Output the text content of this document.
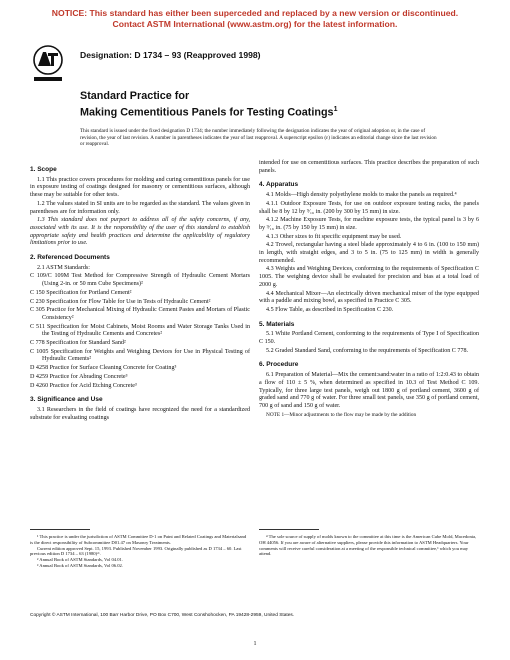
NOTICE: This standard has either been superceded and replaced by a new version or discontinued.
Contact ASTM International (www.astm.org) for the latest information.
Designation: D 1734 – 93 (Reapproved 1998)
Standard Practice for
Making Cementitious Panels for Testing Coatings$^1$
This standard is issued under the fixed designation D 1734; the number immediately following the designation indicates the year of original adoption or, in the case of revision, the year of last revision. A number in parentheses indicates the year of last reapproval. A superscript epsilon (ε) indicates an editorial change since the last revision or reapproval.
1. Scope

1.1 This practice covers procedures for molding and curing cementitious panels for use in exposure testing of coatings designed for masonry or cementitious surfaces, although these may be suitable for other tests.

1.2 The values stated in SI units are to be regarded as the standard. The values given in parentheses are for information only.

1.3 This standard does not purport to address all of the safety concerns, if any, associated with its use. It is the responsibility of the user of this standard to establish appropriate safety and health practices and determine the applicability of regulatory limitations prior to use.

2. Referenced Documents

2.1 ASTM Standards:

C 109/C 109M Test Method for Compressive Strength of Hydraulic Cement Mortars (Using 2-in. or 50 mm Cube Specimens)²

C 150 Specification for Portland Cement²

C 230 Specification for Flow Table for Use in Tests of Hydraulic Cement²

C 305 Practice for Mechanical Mixing of Hydraulic Cement Pastes and Mortars of Plastic Consistency²

C 511 Specification for Moist Cabinets, Moist Rooms and Water Storage Tanks Used in the Testing of Hydraulic Cements and Concretes²

C 778 Specification for Standard Sand²

C 1005 Specification for Weights and Weighing Devices for Use in Physical Testing of Hydraulic Cements²

D 4258 Practice for Surface Cleaning Concrete for Coating³

D 4259 Practice for Abrading Concrete³

D 4260 Practice for Acid Etching Concrete³

3. Significance and Use

3.1 Researchers in the field of coatings have recognized the need for a standardized substrate for evaluating coatings

intended for use on cementitious surfaces. This practice describes the preparation of such panels.

4. Apparatus

4.1 Molds—High density polyethylene molds to make the panels as required.⁴

4.1.1 Outdoor Exposure Tests, for use on outdoor exposure testing racks, the panels shall be 8 by 12 by ⁹⁄₁₆ in. (200 by 300 by 15 mm) in size.

4.1.2 Machine Exposure Tests, for machine exposure tests, the typical panel is 3 by 6 by ⁹⁄₁₆ in. (75 by 150 by 15 mm) in size.

4.1.3 Other sizes to fit specific equipment may be used.

4.2 Trowel, rectangular having a steel blade approximately 4 to 6 in. (100 to 150 mm) in length, with straight edges, and 3 to 5 in. (75 to 125 mm) in width is generally recommended.

4.3 Weights and Weighing Devices, conforming to the requirements of Specification C 1005. The weighing device shall be evaluated for precision and bias at a total load of 2000 g.

4.4 Mechanical Mixer—An electrically driven mechanical mixer of the type equipped with a paddle and mixing bowl, as specified in Practice C 305.

4.5 Flow Table, as described in Specification C 230.

5. Materials

5.1 White Portland Cement, conforming to the requirements of Type I of Specification C 150.

5.2 Graded Standard Sand, conforming to the requirements of Specification C 778.

6. Procedure

6.1 Preparation of Material—Mix the cement:sand:water in a ratio of 1:2:0.43 to obtain a flow of 110 ± 5 %, when determined as specified in 10.3 of Test Method C 109. Typically, for three large test panels, weigh out 1800 g of portland cement, 3600 g of graded sand and 770 g of water. For three small test panels, use 350 g of portland cement, 700 g of sand and 150 g of water.

NOTE 1—Minor adjustments to the flow may be made by the addition

¹ This practice is under the jurisdiction of ASTM Committee D-1 on Paint and Related Coatings and Materialsand is the direct responsibility of Subcommittee D01.47 on Masonry Treatments.
Current edition approved Sept. 15, 1993. Published November 1993. Originally published as D 1734 – 60. Last previous edition D 1734 – 63 (1980)ᵋ¹.
² Annual Book of ASTM Standards, Vol 04.01.
³ Annual Book of ASTM Standards, Vol 06.02.
⁴ The sole source of supply of molds known to the committee at this time is the American Cube Mold, Macedonia, OH 44056. If you are aware of alternative suppliers, please provide this information to ASTM Headquarters. Your comments will receive careful consideration at a meeting of the responsible technical committee,¹ which you may attend.
Copyright © ASTM International, 100 Barr Harbor Drive, PO Box C700, West Conshohocken, PA 19428-2959, United States.
1
